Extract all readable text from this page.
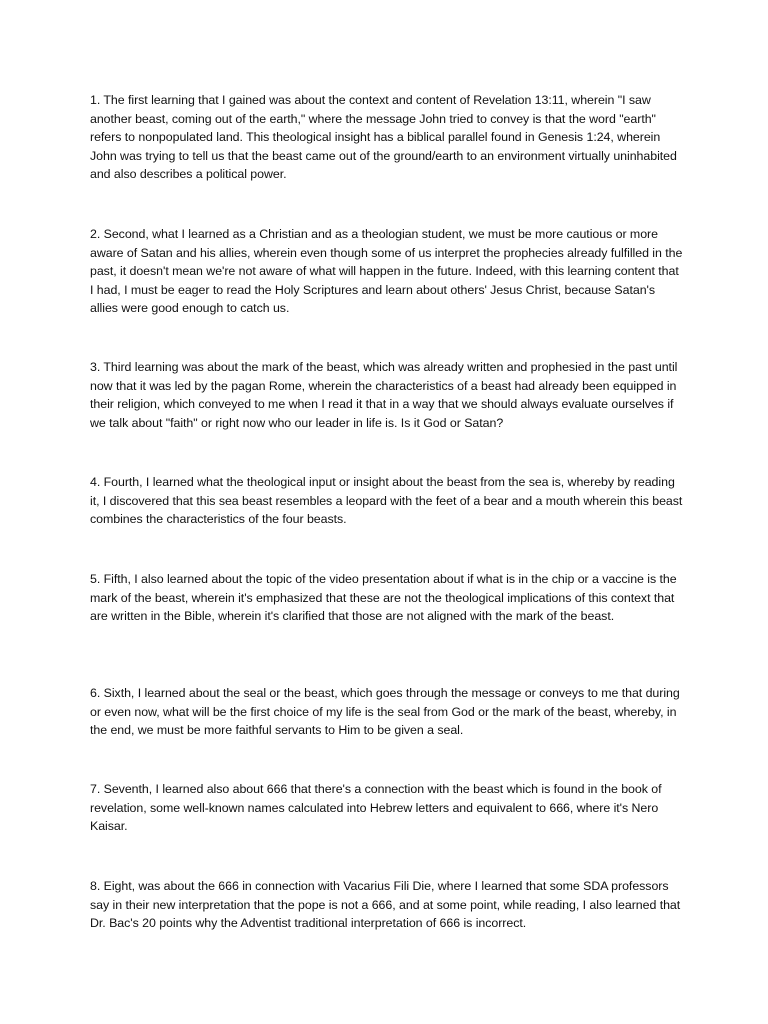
1. The first learning that I gained was about the context and content of Revelation 13:11, wherein "I saw another beast, coming out of the earth," where the message John tried to convey is that the word "earth" refers to nonpopulated land. This theological insight has a biblical parallel found in Genesis 1:24, wherein John was trying to tell us that the beast came out of the ground/earth to an environment virtually uninhabited and also describes a political power.

2. Second, what I learned as a Christian and as a theologian student, we must be more cautious or more aware of Satan and his allies, wherein even though some of us interpret the prophecies already fulfilled in the past, it doesn't mean we're not aware of what will happen in the future. Indeed, with this learning content that I had, I must be eager to read the Holy Scriptures and learn about others' Jesus Christ, because Satan's allies were good enough to catch us.

3. Third learning was about the mark of the beast, which was already written and prophesied in the past until now that it was led by the pagan Rome, wherein the characteristics of a beast had already been equipped in their religion, which conveyed to me when I read it that in a way that we should always evaluate ourselves if we talk about "faith" or right now who our leader in life is. Is it God or Satan?

4. Fourth, I learned what the theological input or insight about the beast from the sea is, whereby by reading it, I discovered that this sea beast resembles a leopard with the feet of a bear and a mouth wherein this beast combines the characteristics of the four beasts.

5. Fifth, I also learned about the topic of the video presentation about if what is in the chip or a vaccine is the mark of the beast, wherein it's emphasized that these are not the theological implications of this context that are written in the Bible, wherein it's clarified that those are not aligned with the mark of the beast.

6. Sixth, I learned about the seal or the beast, which goes through the message or conveys to me that during or even now, what will be the first choice of my life is the seal from God or the mark of the beast, whereby, in the end, we must be more faithful servants to Him to be given a seal.

7. Seventh, I learned also about 666 that there's a connection with the beast which is found in the book of revelation, some well-known names calculated into Hebrew letters and equivalent to 666, where it's Nero Kaisar.

8. Eight, was about the 666 in connection with Vacarius Fili Die, where I learned that some SDA professors say in their new interpretation that the pope is not a 666, and at some point, while reading, I also learned that Dr. Bac's 20 points why the Adventist traditional interpretation of 666 is incorrect.
